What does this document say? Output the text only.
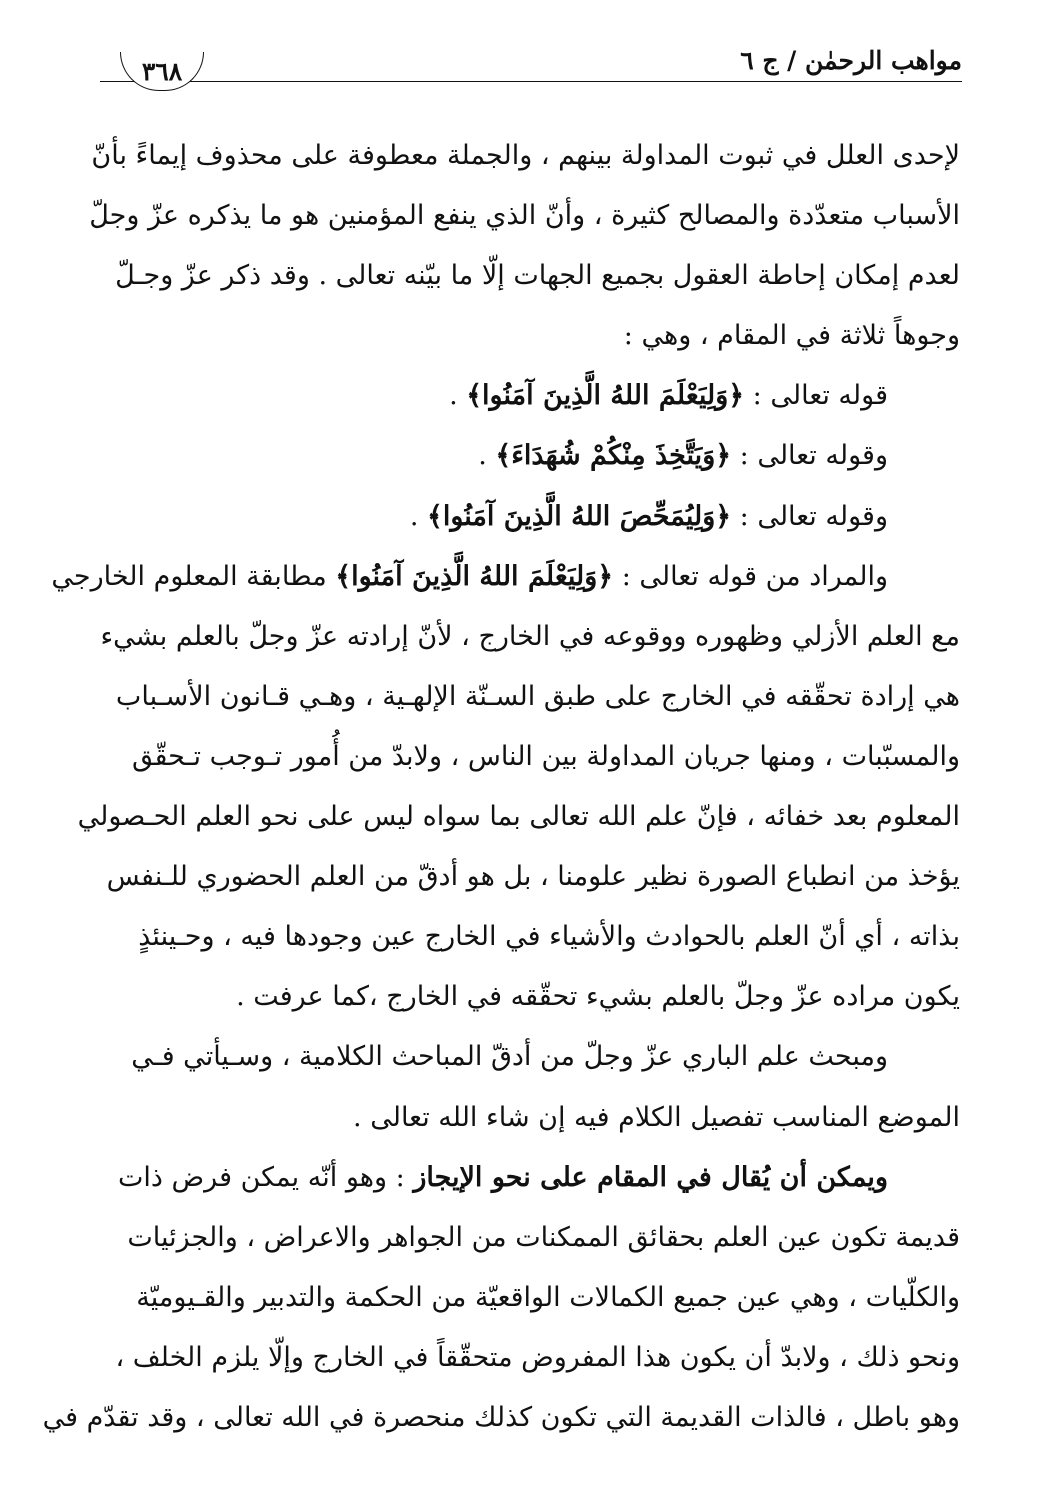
مواهب الرحمٰن / ج ٦
٣٦٨
لإحدى العلل في ثبوت المداولة بينهم ، والجملة معطوفة على محذوف إيماءً بأنّ
الأسباب متعدّدة والمصالح كثيرة ، وأنّ الذي ينفع المؤمنين هو ما يذكره عزّ وجلّ
لعدم إمكان إحاطة العقول بجميع الجهات إلّا ما بيّنه تعالى . وقد ذكر عزّ وجـلّ
وجوهاً ثلاثة في المقام ، وهي :
قوله تعالى : ﴿وَلِيَعْلَمَ اللهُ الَّذِينَ آمَنُوا﴾ .
وقوله تعالى : ﴿وَيَتَّخِذَ مِنْكُمْ شُهَدَاءَ﴾ .
وقوله تعالى : ﴿وَلِيُمَحِّصَ اللهُ الَّذِينَ آمَنُوا﴾ .
والمراد من قوله تعالى : ﴿وَلِيَعْلَمَ اللهُ الَّذِينَ آمَنُوا﴾ مطابقة المعلوم الخارجي
مع العلم الأزلي وظهوره ووقوعه في الخارج ، لأنّ إرادته عزّ وجلّ بالعلم بشيء
هي إرادة تحقّقه في الخارج على طبق السـنّة الإلهـية ، وهـي قـانون الأسـباب
والمسبّبات ، ومنها جريان المداولة بين الناس ، ولابدّ من أُمور تـوجب تـحقّق
المعلوم بعد خفائه ، فإنّ علم الله تعالى بما سواه ليس على نحو العلم الحـصولي
يؤخذ من انطباع الصورة نظير علومنا ، بل هو أدقّ من العلم الحضوري للـنفس
بذاته ، أي أنّ العلم بالحوادث والأشياء في الخارج عين وجودها فيه ، وحـينئذٍ
يكون مراده عزّ وجلّ بالعلم بشيء تحقّقه في الخارج ،كما عرفت .
ومبحث علم الباري عزّ وجلّ من أدقّ المباحث الكلامية ، وسـيأتي فـي
الموضع المناسب تفصيل الكلام فيه إن شاء الله تعالى .
ويمكن أن يُقال في المقام على نحو الإيجاز : وهو أنّه يمكن فرض ذات
قديمة تكون عين العلم بحقائق الممكنات من الجواهر والاعراض ، والجزئيات
والكلّيات ، وهي عين جميع الكمالات الواقعيّة من الحكمة والتدبير والقـيوميّة
ونحو ذلك ، ولابدّ أن يكون هذا المفروض متحقّقاً في الخارج وإلّا يلزم الخلف ،
وهو باطل ، فالذات القديمة التي تكون كذلك منحصرة في الله تعالى ، وقد تقدّم في
